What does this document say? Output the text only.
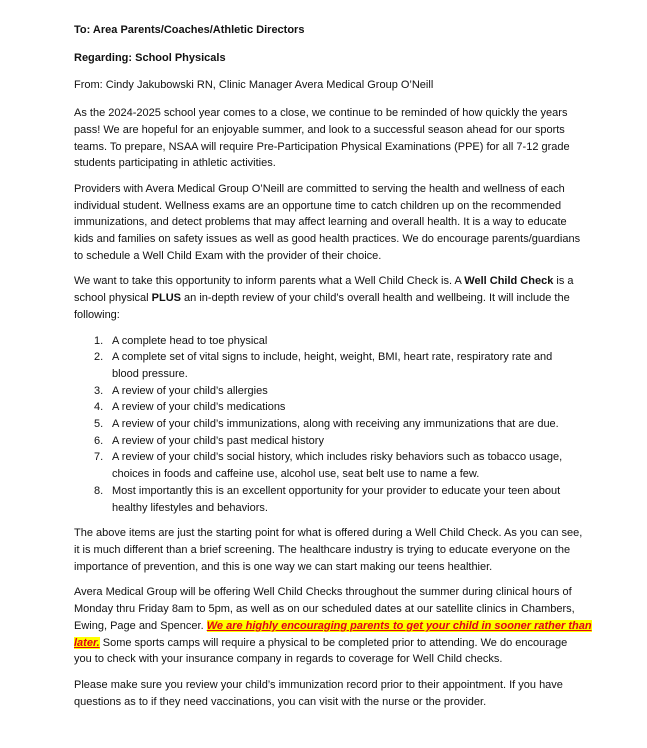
To: Area Parents/Coaches/Athletic Directors

Regarding: School Physicals

From: Cindy Jakubowski RN, Clinic Manager Avera Medical Group O’Neill

As the 2024-2025 school year comes to a close, we continue to be reminded of how quickly the years

pass! We are hopeful for an enjoyable summer, and look to a successful season ahead for our sports

teams. To prepare, NSAA will require Pre-Participation Physical Examinations (PPE) for all 7-12 grade

students participating in athletic activities.

Providers with Avera Medical Group O’Neill are committed to serving the health and wellness of each

individual student. Wellness exams are an opportune time to catch children up on the recommended

immunizations, and detect problems that may affect learning and overall health. It is a way to educate

kids and families on safety issues as well as good health practices. We do encourage parents/guardians

to schedule a Well Child Exam with the provider of their choice.

We want to take this opportunity to inform parents what a Well Child Check is. A Well Child Check is a

school physical PLUS an in-depth review of your child’s overall health and wellbeing. It will include the

following:

1. A complete head to toe physical

2. A complete set of vital signs to include, height, weight, BMI, heart rate, respiratory rate and

blood pressure.

3. A review of your child’s allergies

4. A review of your child’s medications

5. A review of your child’s immunizations, along with receiving any immunizations that are due.

6. A review of your child’s past medical history

7. A review of your child’s social history, which includes risky behaviors such as tobacco usage,

choices in foods and caffeine use, alcohol use, seat belt use to name a few.

8. Most importantly this is an excellent opportunity for your provider to educate your teen about

healthy lifestyles and behaviors.

The above items are just the starting point for what is offered during a Well Child Check. As you can see,

it is much different than a brief screening. The healthcare industry is trying to educate everyone on the

importance of prevention, and this is one way we can start making our teens healthier.

Avera Medical Group will be offering Well Child Checks throughout the summer during clinical hours of

Monday thru Friday 8am to 5pm, as well as on our scheduled dates at our satellite clinics in Chambers,

Ewing, Page and Spencer. We are highly encouraging parents to get your child in sooner rather than

later. Some sports camps will require a physical to be completed prior to attending. We do encourage

you to check with your insurance company in regards to coverage for Well Child checks.

Please make sure you review your child’s immunization record prior to their appointment. If you have

questions as to if they need vaccinations, you can visit with the nurse or the provider.
